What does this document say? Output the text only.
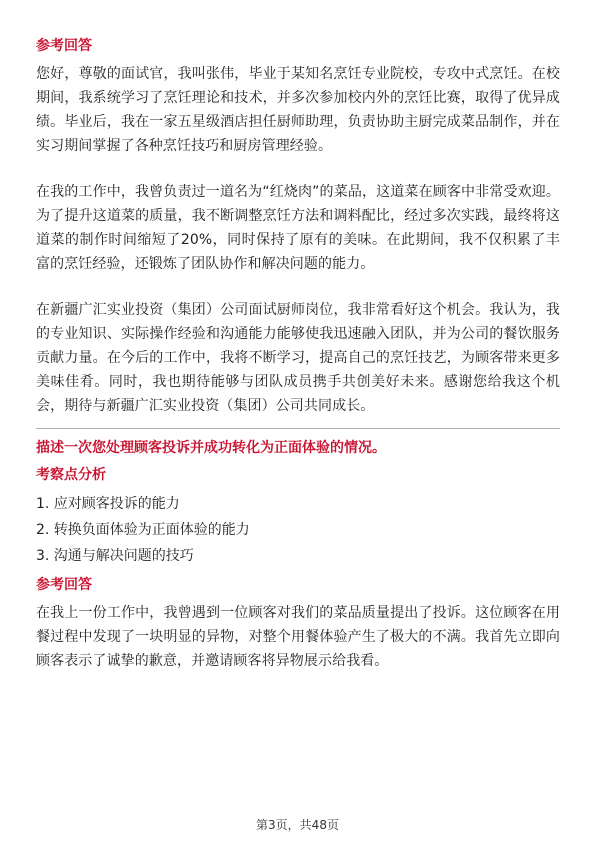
参考回答

您好，尊敬的面试官，我叫张伟，毕业于某知名烹饪专业院校，专攻中式烹饪。在校期间，我系统学习了烹饪理论和技术，并多次参加校内外的烹饪比赛，取得了优异成绩。毕业后，我在一家五星级酒店担任厨师助理，负责协助主厨完成菜品制作，并在实习期间掌握了各种烹饪技巧和厨房管理经验。

在我的工作中，我曾负责过一道名为“红烧肉”的菜品，这道菜在顾客中非常受欢迎。为了提升这道菜的质量，我不断调整烹饪方法和调料配比，经过多次实践，最终将这道菜的制作时间缩短了20%，同时保持了原有的美味。在此期间，我不仅积累了丰富的烹饪经验，还锻炼了团队协作和解决问题的能力。

在新疆广汇实业投资（集团）公司面试厨师岗位，我非常看好这个机会。我认为，我的专业知识、实际操作经验和沟通能力能够使我迅速融入团队，并为公司的餐饮服务贡献力量。在今后的工作中，我将不断学习，提高自己的烹饪技艺，为顾客带来更多美味佳肴。同时，我也期待能够与团队成员携手共创美好未来。感谢您给我这个机会，期待与新疆广汇实业投资（集团）公司共同成长。

描述一次您处理顾客投诉并成功转化为正面体验的情况。

考察点分析

1. 应对顾客投诉的能力

2. 转换负面体验为正面体验的能力

3. 沟通与解决问题的技巧

参考回答

在我上一份工作中，我曾遇到一位顾客对我们的菜品质量提出了投诉。这位顾客在用餐过程中发现了一块明显的异物，对整个用餐体验产生了极大的不满。我首先立即向顾客表示了诚挚的歉意，并邀请顾客将异物展示给我看。

第3页，共48页
